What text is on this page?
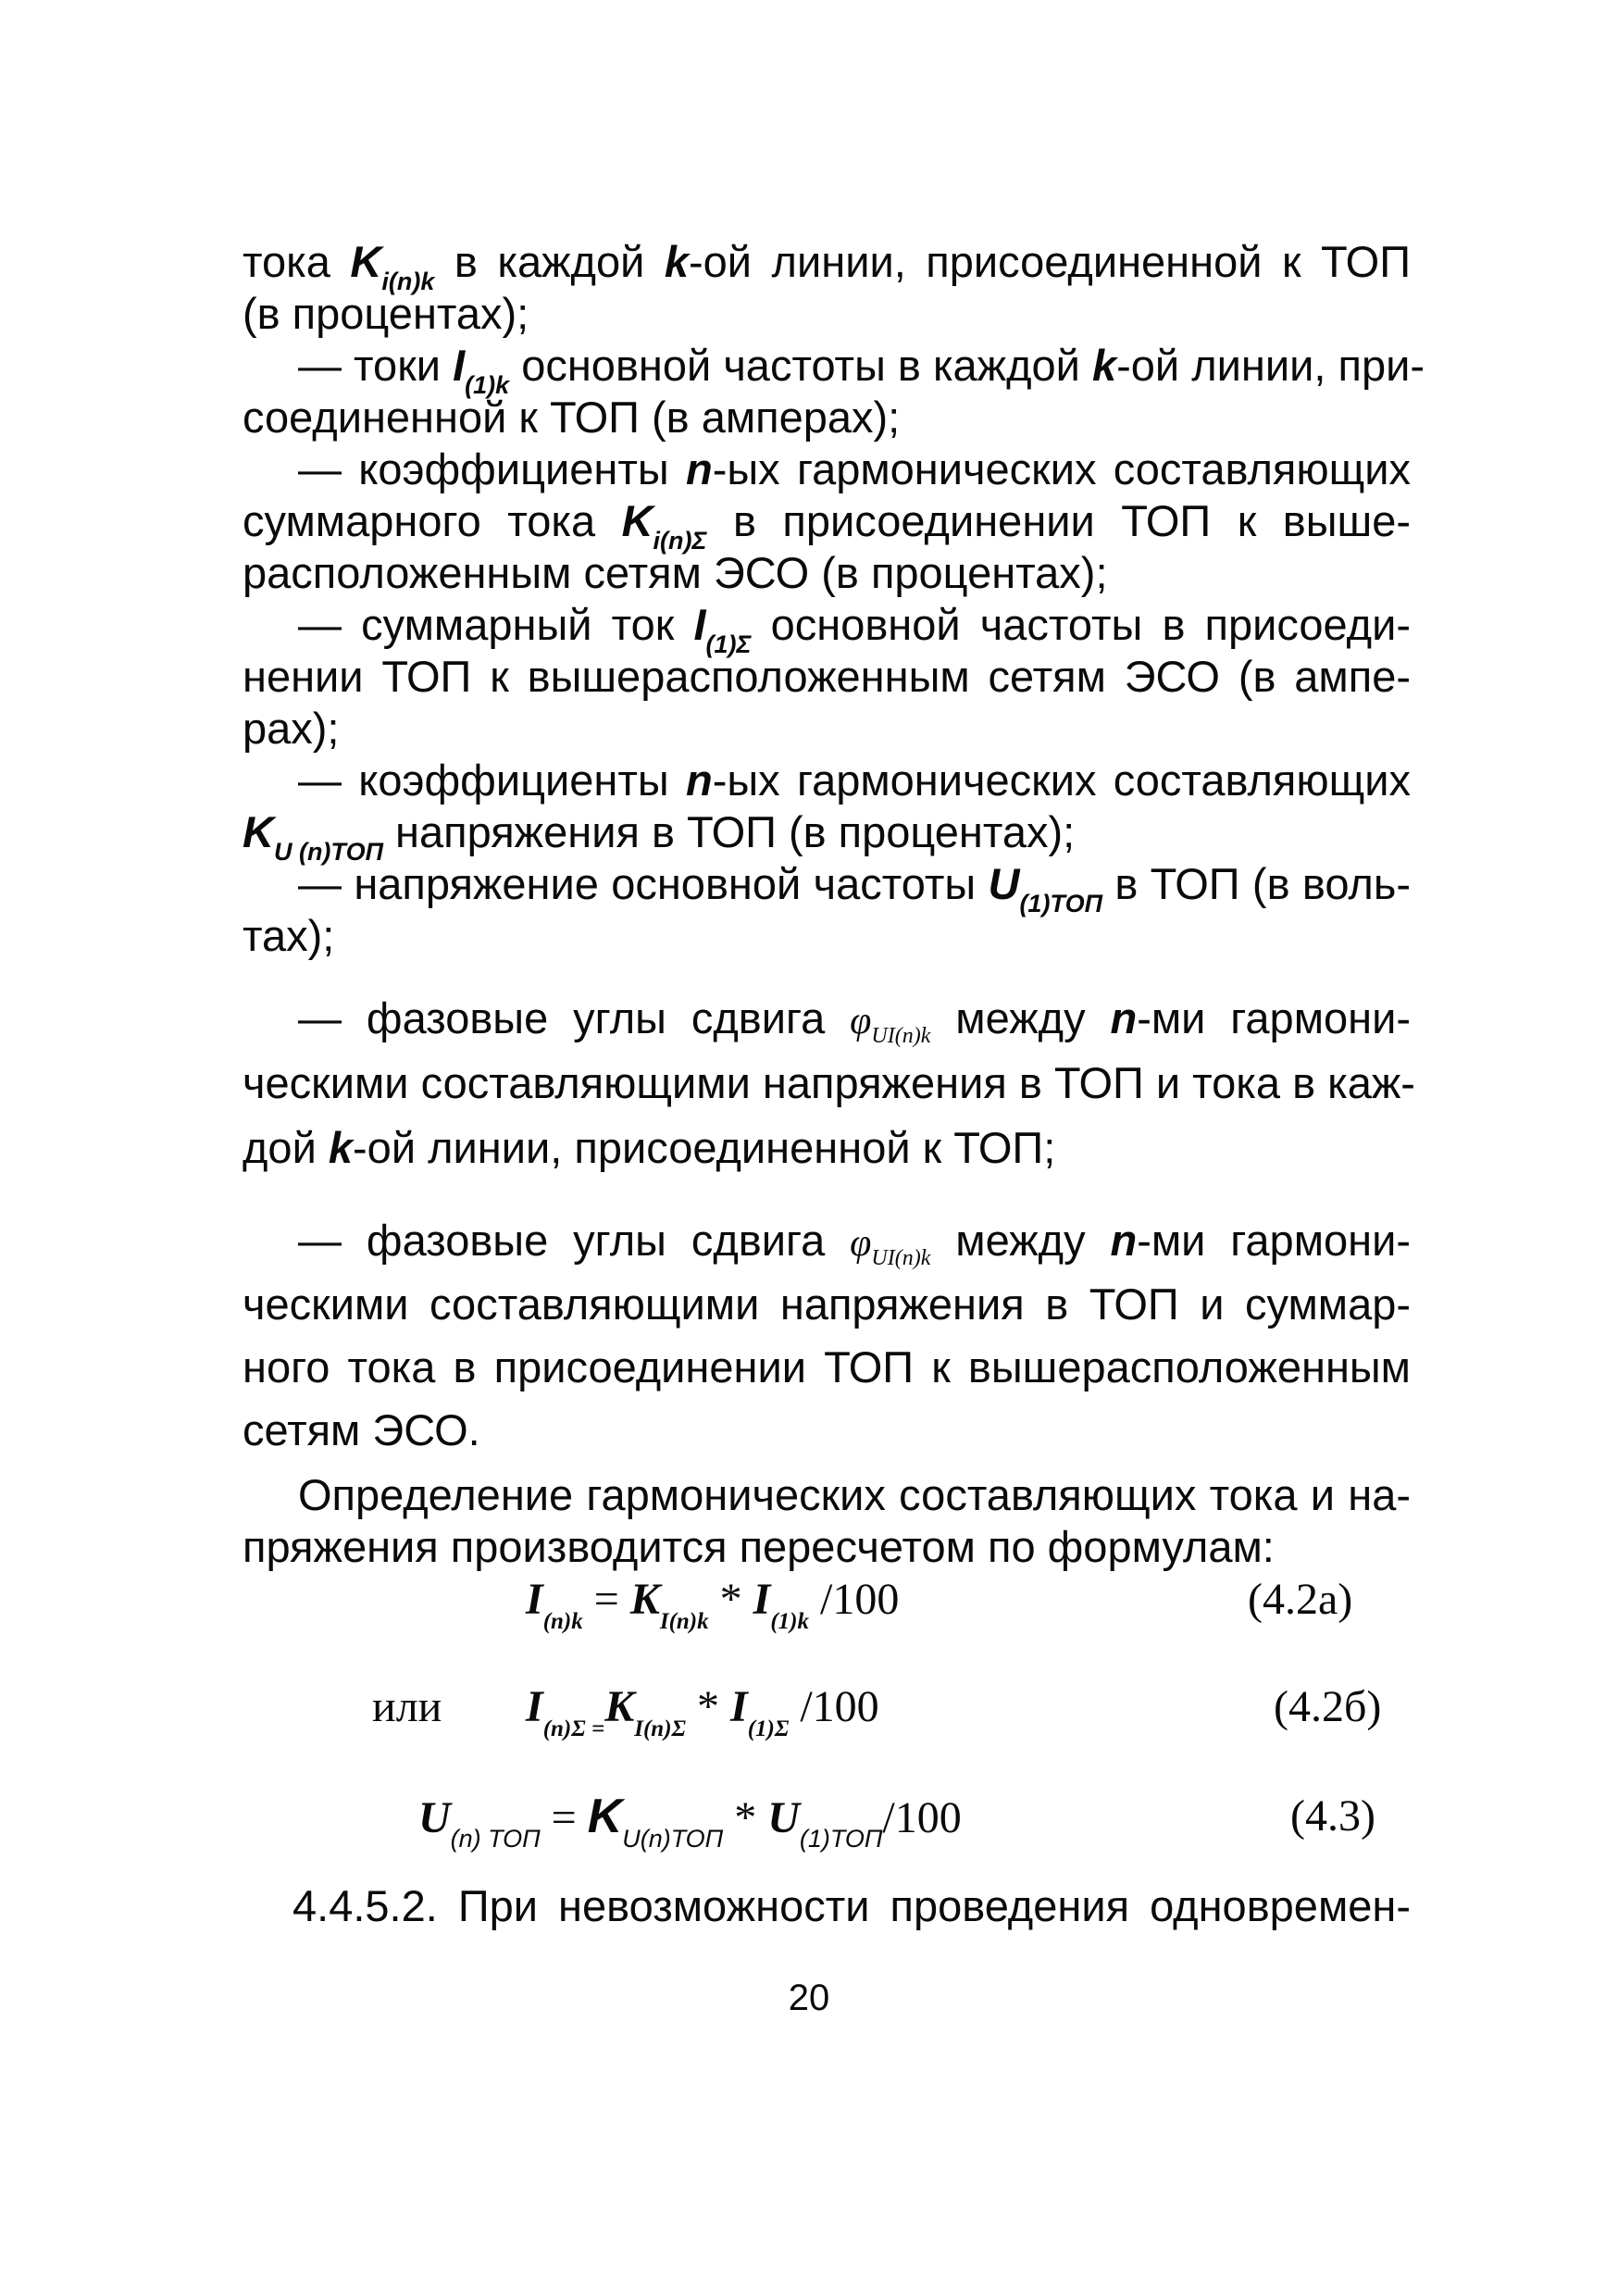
тока $K_{i(n)k}$ в каждой k-ой линии, присоединенной к ТОП
(в процентах);
— токи $I_{(1)k}$ основной частоты в каждой k-ой линии, при-
соединенной к ТОП (в амперах);
— коэффициенты n-ых гармонических составляющих
суммарного тока $K_{i(n)\Sigma}$ в присоединении ТОП к выше-
расположенным сетям ЭСО (в процентах);
— суммарный ток $I_{(1)\Sigma}$ основной частоты в присоеди-
нении ТОП к вышерасположенным сетям ЭСО (в ампе-
рах);
— коэффициенты n-ых гармонических составляющих
$K_{U (n)ТОП}$ напряжения в ТОП (в процентах);
— напряжение основной частоты $U_{(1)ТОП}$ в ТОП (в воль-
тах);
— фазовые углы сдвига $\varphi_{UI(n)k}$ между n-ми гармони-
ческими составляющими напряжения в ТОП и тока в каж-
дой k-ой линии, присоединенной к ТОП;
— фазовые углы сдвига $\varphi_{UI(n)k}$ между n-ми гармони-
ческими составляющими напряжения в ТОП и суммар-
ного тока в присоединении ТОП к вышерасположенным
сетям ЭСО.
Определение гармонических составляющих тока и на-
пряжения производится пересчетом по формулам:
$I_{(n)k} = K_{I(n)k} * I_{(1)k}$ /100	(4.2а)
или $I_{(n)\Sigma =}K_{I(n)\Sigma} * I_{(1)\Sigma}$ /100	(4.2б)
$U_{(n) ТОП} = K_{U(n)ТОП} * U_{(1)ТОП}/100$	(4.3)
4.4.5.2. При невозможности проведения одновремен-
20
